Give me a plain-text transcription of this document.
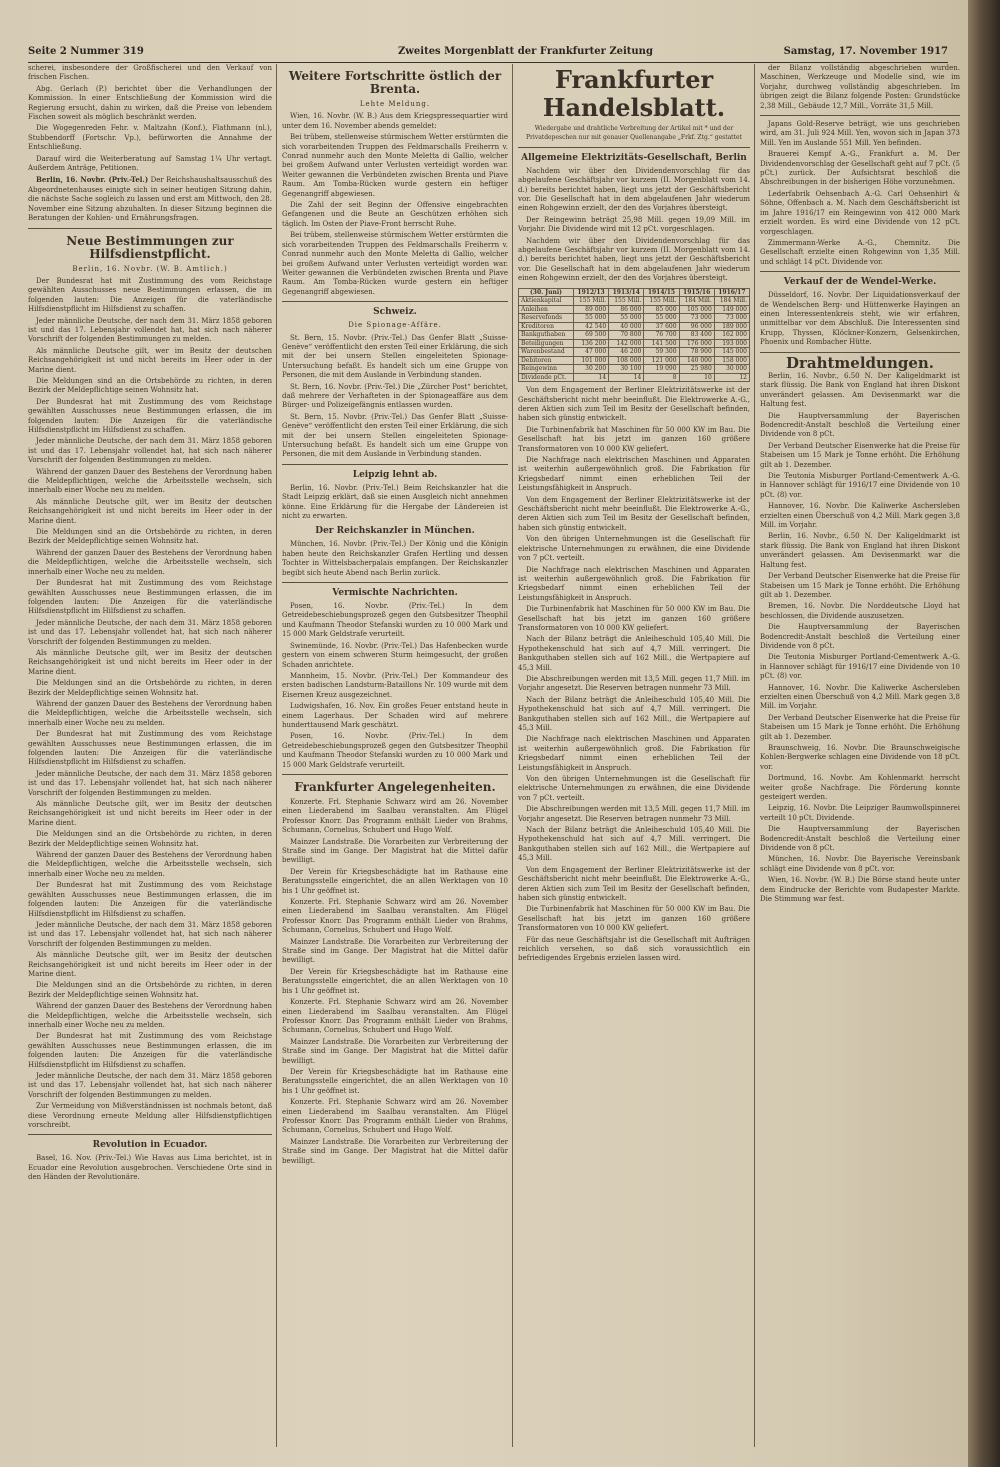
Seite 2 Nummer 319	Zweites Morgenblatt der Frankfurter Zeitung	Samstag, 17. November 1917

scherei, insbesondere der Großfischerei und den Verkauf von frischen Fischen.

Abg. Gerlach (P.) berichtet über die Verhandlungen der Kommission. In einer Entschließung der Kommission wird die Regierung ersucht, dahin zu wirken, daß die Preise von lebendem Fischen soweit als möglich beschränkt werden.

Die Wogegenreden Fehr. v. Maltzahn (Konf.), Flathmann (nl.), Stubbendorff (Fortschr. Vp.), befürworten die Annahme der Entschließung.

Darauf wird die Weiterberatung auf Samstag 1¼ Uhr vertagt. Außerdem Anträge, Petitionen.

Berlin, 16. Novbr. (Priv.-Tel.) Der Reichshaushaltsausschuß des Abgeordnetenhauses einigte sich in seiner heutigen Sitzung dahin, die nächste Sache sogleich zu lassen und erst am Mittwoch, den 28. November eine Sitzung abzuhalten. In dieser Sitzung beginnen die Beratungen der Kohlen- und Ernährungsfragen.

Neue Bestimmungen zur Hilfsdienstpflicht.
Berlin, 16. Novbr. (W. B. Amtlich.)

Der Bundesrat hat mit Zustimmung des vom Reichstage gewählten Ausschusses neue Bestimmungen erlassen, die im folgenden lauten: Die Anzeigen für die vaterländische Hilfsdienstpflicht im Hilfsdienst zu schaffen.

Jeder männliche Deutsche, der nach dem 31. März 1858 geboren ist und das 17. Lebensjahr vollendet hat, hat sich nach näherer Vorschrift der folgenden Bestimmungen zu melden.

Als männliche Deutsche gilt, wer im Besitz der deutschen Reichsangehörigkeit ist und nicht bereits im Heer oder in der Marine dient.

Die Meldungen sind an die Ortsbehörde zu richten, in deren Bezirk der Meldepflichtige seinen Wohnsitz hat.

Der Bundesrat hat mit Zustimmung des vom Reichstage gewählten Ausschusses neue Bestimmungen erlassen, die im folgenden lauten: Die Anzeigen für die vaterländische Hilfsdienstpflicht im Hilfsdienst zu schaffen.

Jeder männliche Deutsche, der nach dem 31. März 1858 geboren ist und das 17. Lebensjahr vollendet hat, hat sich nach näherer Vorschrift der folgenden Bestimmungen zu melden.

Während der ganzen Dauer des Bestehens der Verordnung haben die Meldepflichtigen, welche die Arbeitsstelle wechseln, sich innerhalb einer Woche neu zu melden.

Als männliche Deutsche gilt, wer im Besitz der deutschen Reichsangehörigkeit ist und nicht bereits im Heer oder in der Marine dient.

Die Meldungen sind an die Ortsbehörde zu richten, in deren Bezirk der Meldepflichtige seinen Wohnsitz hat.

Während der ganzen Dauer des Bestehens der Verordnung haben die Meldepflichtigen, welche die Arbeitsstelle wechseln, sich innerhalb einer Woche neu zu melden.

Der Bundesrat hat mit Zustimmung des vom Reichstage gewählten Ausschusses neue Bestimmungen erlassen, die im folgenden lauten: Die Anzeigen für die vaterländische Hilfsdienstpflicht im Hilfsdienst zu schaffen.

Jeder männliche Deutsche, der nach dem 31. März 1858 geboren ist und das 17. Lebensjahr vollendet hat, hat sich nach näherer Vorschrift der folgenden Bestimmungen zu melden.

Als männliche Deutsche gilt, wer im Besitz der deutschen Reichsangehörigkeit ist und nicht bereits im Heer oder in der Marine dient.

Die Meldungen sind an die Ortsbehörde zu richten, in deren Bezirk der Meldepflichtige seinen Wohnsitz hat.

Während der ganzen Dauer des Bestehens der Verordnung haben die Meldepflichtigen, welche die Arbeitsstelle wechseln, sich innerhalb einer Woche neu zu melden.

Der Bundesrat hat mit Zustimmung des vom Reichstage gewählten Ausschusses neue Bestimmungen erlassen, die im folgenden lauten: Die Anzeigen für die vaterländische Hilfsdienstpflicht im Hilfsdienst zu schaffen.

Jeder männliche Deutsche, der nach dem 31. März 1858 geboren ist und das 17. Lebensjahr vollendet hat, hat sich nach näherer Vorschrift der folgenden Bestimmungen zu melden.

Als männliche Deutsche gilt, wer im Besitz der deutschen Reichsangehörigkeit ist und nicht bereits im Heer oder in der Marine dient.

Die Meldungen sind an die Ortsbehörde zu richten, in deren Bezirk der Meldepflichtige seinen Wohnsitz hat.

Während der ganzen Dauer des Bestehens der Verordnung haben die Meldepflichtigen, welche die Arbeitsstelle wechseln, sich innerhalb einer Woche neu zu melden.

Der Bundesrat hat mit Zustimmung des vom Reichstage gewählten Ausschusses neue Bestimmungen erlassen, die im folgenden lauten: Die Anzeigen für die vaterländische Hilfsdienstpflicht im Hilfsdienst zu schaffen.

Jeder männliche Deutsche, der nach dem 31. März 1858 geboren ist und das 17. Lebensjahr vollendet hat, hat sich nach näherer Vorschrift der folgenden Bestimmungen zu melden.

Als männliche Deutsche gilt, wer im Besitz der deutschen Reichsangehörigkeit ist und nicht bereits im Heer oder in der Marine dient.

Die Meldungen sind an die Ortsbehörde zu richten, in deren Bezirk der Meldepflichtige seinen Wohnsitz hat.

Während der ganzen Dauer des Bestehens der Verordnung haben die Meldepflichtigen, welche die Arbeitsstelle wechseln, sich innerhalb einer Woche neu zu melden.

Der Bundesrat hat mit Zustimmung des vom Reichstage gewählten Ausschusses neue Bestimmungen erlassen, die im folgenden lauten: Die Anzeigen für die vaterländische Hilfsdienstpflicht im Hilfsdienst zu schaffen.

Jeder männliche Deutsche, der nach dem 31. März 1858 geboren ist und das 17. Lebensjahr vollendet hat, hat sich nach näherer Vorschrift der folgenden Bestimmungen zu melden.

Zur Vermeidung von Mißverständnissen ist nochmals betont, daß diese Verordnung erneute Meldung aller Hilfsdienstpflichtigen vorschreibt.

Revolution in Ecuador.

Basel, 16. Nov. (Priv.-Tel.) Wie Havas aus Lima berichtet, ist in Ecuador eine Revolution ausgebrochen. Verschiedene Orte sind in den Händen der Revolutionäre.

Weitere Fortschritte östlich der Brenta.
Lehte Meldung.

Wien, 16. Novbr. (W. B.) Aus dem Kriegspressequartier wird unter dem 16. November abends gemeldet:

Bei trübem, stellenweise stürmischem Wetter erstürmten die sich vorarbeitenden Truppen des Feldmarschalls Freiherrn v. Conrad nunmehr auch den Monte Meletta di Gallio, welcher bei großem Aufwand unter Verlusten verteidigt worden war. Weiter gewannen die Verbündeten zwischen Brenta und Piave Raum. Am Tomba-Rücken wurde gestern ein heftiger Gegenangriff abgewiesen.

Die Zahl der seit Beginn der Offensive eingebrachten Gefangenen und die Beute an Geschützen erhöhen sich täglich. Im Osten der Piave-Front herrscht Ruhe.

Bei trübem, stellenweise stürmischem Wetter erstürmten die sich vorarbeitenden Truppen des Feldmarschalls Freiherrn v. Conrad nunmehr auch den Monte Meletta di Gallio, welcher bei großem Aufwand unter Verlusten verteidigt worden war. Weiter gewannen die Verbündeten zwischen Brenta und Piave Raum. Am Tomba-Rücken wurde gestern ein heftiger Gegenangriff abgewiesen.

Schweiz.
Die Spionage-Affäre.

St. Bern, 15. Novbr. (Priv.-Tel.) Das Genfer Blatt „Suisse-Genève“ veröffentlicht den ersten Teil einer Erklärung, die sich mit der bei unsern Stellen eingeleiteten Spionage-Untersuchung befaßt. Es handelt sich um eine Gruppe von Personen, die mit dem Auslande in Verbindung standen.

St. Bern, 16. Novbr. (Priv.-Tel.) Die „Zürcher Post“ berichtet, daß mehrere der Verhafteten in der Spionageaffäre aus dem Bürger- und Polizeigefängnis entlassen wurden.

St. Bern, 15. Novbr. (Priv.-Tel.) Das Genfer Blatt „Suisse-Genève“ veröffentlicht den ersten Teil einer Erklärung, die sich mit der bei unsern Stellen eingeleiteten Spionage-Untersuchung befaßt. Es handelt sich um eine Gruppe von Personen, die mit dem Auslande in Verbindung standen.

Leipzig lehnt ab.

Berlin, 16. Novbr. (Priv.-Tel.) Beim Reichskanzler hat die Stadt Leipzig erklärt, daß sie einen Ausgleich nicht annehmen könne. Eine Erklärung für die Hergabe der Ländereien ist nicht zu erwarten.

Der Reichskanzler in München.

München, 16. Novbr. (Priv.-Tel.) Der König und die Königin haben heute den Reichskanzler Grafen Hertling und dessen Tochter in Wittelsbacherpalais empfangen. Der Reichskanzler begibt sich heute Abend nach Berlin zurück.

Vermischte Nachrichten.

Posen, 16. Novbr. (Priv.-Tel.) In dem Getreidebeschiebungsprozeß gegen den Gutsbesitzer Theophil und Kaufmann Theodor Stefanski wurden zu 10 000 Mark und 15 000 Mark Geldstrafe verurteilt.

Swinemünde, 16. Novbr. (Priv.-Tel.) Das Hafenbecken wurde gestern von einem schweren Sturm heimgesucht, der großen Schaden anrichtete.

Mannheim, 15. Novbr. (Priv.-Tel.) Der Kommandeur des ersten badischen Landsturm-Bataillons Nr. 109 wurde mit dem Eisernen Kreuz ausgezeichnet.

Ludwigshafen, 16. Nov. Ein großes Feuer entstand heute in einem Lagerhaus. Der Schaden wird auf mehrere hunderttausend Mark geschätzt.

Posen, 16. Novbr. (Priv.-Tel.) In dem Getreidebeschiebungsprozeß gegen den Gutsbesitzer Theophil und Kaufmann Theodor Stefanski wurden zu 10 000 Mark und 15 000 Mark Geldstrafe verurteilt.

Frankfurter Angelegenheiten.

Konzerte. Frl. Stephanie Schwarz wird am 26. November einen Liederabend im Saalbau veranstalten. Am Flügel Professor Knorr. Das Programm enthält Lieder von Brahms, Schumann, Cornelius, Schubert und Hugo Wolf.

Mainzer Landstraße. Die Vorarbeiten zur Verbreiterung der Straße sind im Gange. Der Magistrat hat die Mittel dafür bewilligt.

Der Verein für Kriegsbeschädigte hat im Rathause eine Beratungsstelle eingerichtet, die an allen Werktagen von 10 bis 1 Uhr geöffnet ist.

Konzerte. Frl. Stephanie Schwarz wird am 26. November einen Liederabend im Saalbau veranstalten. Am Flügel Professor Knorr. Das Programm enthält Lieder von Brahms, Schumann, Cornelius, Schubert und Hugo Wolf.

Mainzer Landstraße. Die Vorarbeiten zur Verbreiterung der Straße sind im Gange. Der Magistrat hat die Mittel dafür bewilligt.

Der Verein für Kriegsbeschädigte hat im Rathause eine Beratungsstelle eingerichtet, die an allen Werktagen von 10 bis 1 Uhr geöffnet ist.

Konzerte. Frl. Stephanie Schwarz wird am 26. November einen Liederabend im Saalbau veranstalten. Am Flügel Professor Knorr. Das Programm enthält Lieder von Brahms, Schumann, Cornelius, Schubert und Hugo Wolf.

Mainzer Landstraße. Die Vorarbeiten zur Verbreiterung der Straße sind im Gange. Der Magistrat hat die Mittel dafür bewilligt.

Der Verein für Kriegsbeschädigte hat im Rathause eine Beratungsstelle eingerichtet, die an allen Werktagen von 10 bis 1 Uhr geöffnet ist.

Konzerte. Frl. Stephanie Schwarz wird am 26. November einen Liederabend im Saalbau veranstalten. Am Flügel Professor Knorr. Das Programm enthält Lieder von Brahms, Schumann, Cornelius, Schubert und Hugo Wolf.

Mainzer Landstraße. Die Vorarbeiten zur Verbreiterung der Straße sind im Gange. Der Magistrat hat die Mittel dafür bewilligt.

Frankfurter Handelsblatt.
Wiedergabe und drahtliche Verbreitung der Artikel mit * und der Privatdepeschen nur mit genauer Quellenangabe „Frkf. Ztg.“ gestattet
Allgemeine Elektrizitäts-Gesellschaft, Berlin

Nachdem wir über den Dividendenvorschlag für das abgelaufene Geschäftsjahr vor kurzem (II. Morgenblatt vom 14. d.) bereits berichtet haben, liegt uns jetzt der Geschäftsbericht vor. Die Gesellschaft hat in dem abgelaufenen Jahr wiederum einen Rohgewinn erzielt, der den des Vorjahres übersteigt.

Der Reingewinn beträgt 25,98 Mill. gegen 19,09 Mill. im Vorjahr. Die Dividende wird mit 12 pCt. vorgeschlagen.

Nachdem wir über den Dividendenvorschlag für das abgelaufene Geschäftsjahr vor kurzem (II. Morgenblatt vom 14. d.) bereits berichtet haben, liegt uns jetzt der Geschäftsbericht vor. Die Gesellschaft hat in dem abgelaufenen Jahr wiederum einen Rohgewinn erzielt, der den des Vorjahres übersteigt.

(30. Juni)	1912/13	1913/14	1914/15	1915/16	1916/17
Aktienkapital	155 Mill.	155 Mill.	155 Mill.	184 Mill.	184 Mill.
Anleihen	89 000	86 000	85 000	105 000	149 000
Reservefonds	55 000	55 000	55 000	73 000	73 000
Kreditoren	42 540	40 000	37 600	96 000	189 000
Bankguthaben	69 500	70 800	76 700	83 400	162 000
Beteiligungen	136 200	142 000	141 500	176 000	193 000
Warenbestand	47 000	46 200	59 300	78 900	145 000
Debitoren	101 000	108 000	121 000	140 000	158 000
Reingewinn	30 200	30 100	19 090	25 980	30 000
Dividende pCt.	14	14	8	10	12

Von dem Engagement der Berliner Elektrizitätswerke ist der Geschäftsbericht nicht mehr beeinflußt. Die Elektrowerke A.-G., deren Aktien sich zum Teil im Besitz der Gesellschaft befinden, haben sich günstig entwickelt.

Die Turbinenfabrik hat Maschinen für 50 000 KW im Bau. Die Gesellschaft hat bis jetzt im ganzen 160 größere Transformatoren von 10 000 KW geliefert.

Die Nachfrage nach elektrischen Maschinen und Apparaten ist weiterhin außergewöhnlich groß. Die Fabrikation für Kriegsbedarf nimmt einen erheblichen Teil der Leistungsfähigkeit in Anspruch.

Von dem Engagement der Berliner Elektrizitätswerke ist der Geschäftsbericht nicht mehr beeinflußt. Die Elektrowerke A.-G., deren Aktien sich zum Teil im Besitz der Gesellschaft befinden, haben sich günstig entwickelt.

Von den übrigen Unternehmungen ist die Gesellschaft für elektrische Unternehmungen zu erwähnen, die eine Dividende von 7 pCt. verteilt.

Die Nachfrage nach elektrischen Maschinen und Apparaten ist weiterhin außergewöhnlich groß. Die Fabrikation für Kriegsbedarf nimmt einen erheblichen Teil der Leistungsfähigkeit in Anspruch.

Die Turbinenfabrik hat Maschinen für 50 000 KW im Bau. Die Gesellschaft hat bis jetzt im ganzen 160 größere Transformatoren von 10 000 KW geliefert.

Nach der Bilanz beträgt die Anleiheschuld 105,40 Mill. Die Hypothekenschuld hat sich auf 4,7 Mill. verringert. Die Bankguthaben stellen sich auf 162 Mill., die Wertpapiere auf 45,3 Mill.

Die Abschreibungen werden mit 13,5 Mill. gegen 11,7 Mill. im Vorjahr angesetzt. Die Reserven betragen nunmehr 73 Mill.

Nach der Bilanz beträgt die Anleiheschuld 105,40 Mill. Die Hypothekenschuld hat sich auf 4,7 Mill. verringert. Die Bankguthaben stellen sich auf 162 Mill., die Wertpapiere auf 45,3 Mill.

Die Nachfrage nach elektrischen Maschinen und Apparaten ist weiterhin außergewöhnlich groß. Die Fabrikation für Kriegsbedarf nimmt einen erheblichen Teil der Leistungsfähigkeit in Anspruch.

Von den übrigen Unternehmungen ist die Gesellschaft für elektrische Unternehmungen zu erwähnen, die eine Dividende von 7 pCt. verteilt.

Die Abschreibungen werden mit 13,5 Mill. gegen 11,7 Mill. im Vorjahr angesetzt. Die Reserven betragen nunmehr 73 Mill.

Nach der Bilanz beträgt die Anleiheschuld 105,40 Mill. Die Hypothekenschuld hat sich auf 4,7 Mill. verringert. Die Bankguthaben stellen sich auf 162 Mill., die Wertpapiere auf 45,3 Mill.

Von dem Engagement der Berliner Elektrizitätswerke ist der Geschäftsbericht nicht mehr beeinflußt. Die Elektrowerke A.-G., deren Aktien sich zum Teil im Besitz der Gesellschaft befinden, haben sich günstig entwickelt.

Die Turbinenfabrik hat Maschinen für 50 000 KW im Bau. Die Gesellschaft hat bis jetzt im ganzen 160 größere Transformatoren von 10 000 KW geliefert.

Für das neue Geschäftsjahr ist die Gesellschaft mit Aufträgen reichlich versehen, so daß sich voraussichtlich ein befriedigendes Ergebnis erzielen lassen wird.

der Bilanz vollständig abgeschrieben wurden. Maschinen, Werkzeuge und Modelle sind, wie im Vorjahr, durchweg vollständig abgeschrieben. Im übrigen zeigt die Bilanz folgende Posten: Grundstücke 2,38 Mill., Gebäude 12,7 Mill., Vorräte 31,5 Mill.

Japans Gold-Reserve beträgt, wie uns geschrieben wird, am 31. Juli 924 Mill. Yen, wovon sich in Japan 373 Mill. Yen im Auslande 551 Mill. Yen befinden.

Brauerei Kempf A.-G., Frankfurt a. M. Der Dividendenvorschlag der Gesellschaft geht auf 7 pCt. (5 pCt.) zurück. Der Aufsichtsrat beschloß die Abschreibungen in der bisherigen Höhe vorzunehmen.

Lederfabrik Oehsenbach A.-G. Carl Oehsenhirt & Söhne, Offenbach a. M. Nach dem Geschäftsbericht ist im Jahre 1916/17 ein Reingewinn von 412 000 Mark erzielt worden. Es wird eine Dividende von 12 pCt. vorgeschlagen.

Zimmermann-Werke A.-G., Chemnitz. Die Gesellschaft erzielte einen Rohgewinn von 1,35 Mill. und schlägt 14 pCt. Dividende vor.

Verkauf der de Wendel-Werke.

Düsseldorf, 16. Novbr. Der Liquidationsverkauf der de Wendelschen Berg- und Hüttenwerke Hayingen an einen Interessentenkreis steht, wie wir erfahren, unmittelbar vor dem Abschluß. Die Interessenten sind Krupp, Thyssen, Klöckner-Konzern, Gelsenkirchen, Phoenix und Rombacher Hütte.

Drahtmeldungen.

Berlin, 16. Novbr., 6.50 N. Der Kaligeldmarkt ist stark flüssig. Die Bank von England hat ihren Diskont unverändert gelassen. Am Devisenmarkt war die Haltung fest.

Die Hauptversammlung der Bayerischen Bodencredit-Anstalt beschloß die Verteilung einer Dividende von 8 pCt.

Der Verband Deutscher Eisenwerke hat die Preise für Stabeisen um 15 Mark je Tonne erhöht. Die Erhöhung gilt ab 1. Dezember.

Die Teutonia Misburger Portland-Cementwerk A.-G. in Hannover schlägt für 1916/17 eine Dividende von 10 pCt. (8) vor.

Hannover, 16. Novbr. Die Kaliwerke Aschersleben erzielten einen Überschuß von 4,2 Mill. Mark gegen 3,8 Mill. im Vorjahr.

Berlin, 16. Novbr., 6.50 N. Der Kaligeldmarkt ist stark flüssig. Die Bank von England hat ihren Diskont unverändert gelassen. Am Devisenmarkt war die Haltung fest.

Der Verband Deutscher Eisenwerke hat die Preise für Stabeisen um 15 Mark je Tonne erhöht. Die Erhöhung gilt ab 1. Dezember.

Bremen, 16. Novbr. Die Norddeutsche Lloyd hat beschlossen, die Dividende auszusetzen.

Die Hauptversammlung der Bayerischen Bodencredit-Anstalt beschloß die Verteilung einer Dividende von 8 pCt.

Die Teutonia Misburger Portland-Cementwerk A.-G. in Hannover schlägt für 1916/17 eine Dividende von 10 pCt. (8) vor.

Hannover, 16. Novbr. Die Kaliwerke Aschersleben erzielten einen Überschuß von 4,2 Mill. Mark gegen 3,8 Mill. im Vorjahr.

Der Verband Deutscher Eisenwerke hat die Preise für Stabeisen um 15 Mark je Tonne erhöht. Die Erhöhung gilt ab 1. Dezember.

Braunschweig, 16. Novbr. Die Braunschweigische Kohlen-Bergwerke schlagen eine Dividende von 18 pCt. vor.

Dortmund, 16. Novbr. Am Kohlenmarkt herrscht weiter große Nachfrage. Die Förderung konnte gesteigert werden.

Leipzig, 16. Novbr. Die Leipziger Baumwollspinnerei verteilt 10 pCt. Dividende.

Die Hauptversammlung der Bayerischen Bodencredit-Anstalt beschloß die Verteilung einer Dividende von 8 pCt.

München, 16. Novbr. Die Bayerische Vereinsbank schlägt eine Dividende von 8 pCt. vor.

Wien, 16. Novbr. (W. B.) Die Börse stand heute unter dem Eindrucke der Berichte vom Budapester Markte. Die Stimmung war fest.
